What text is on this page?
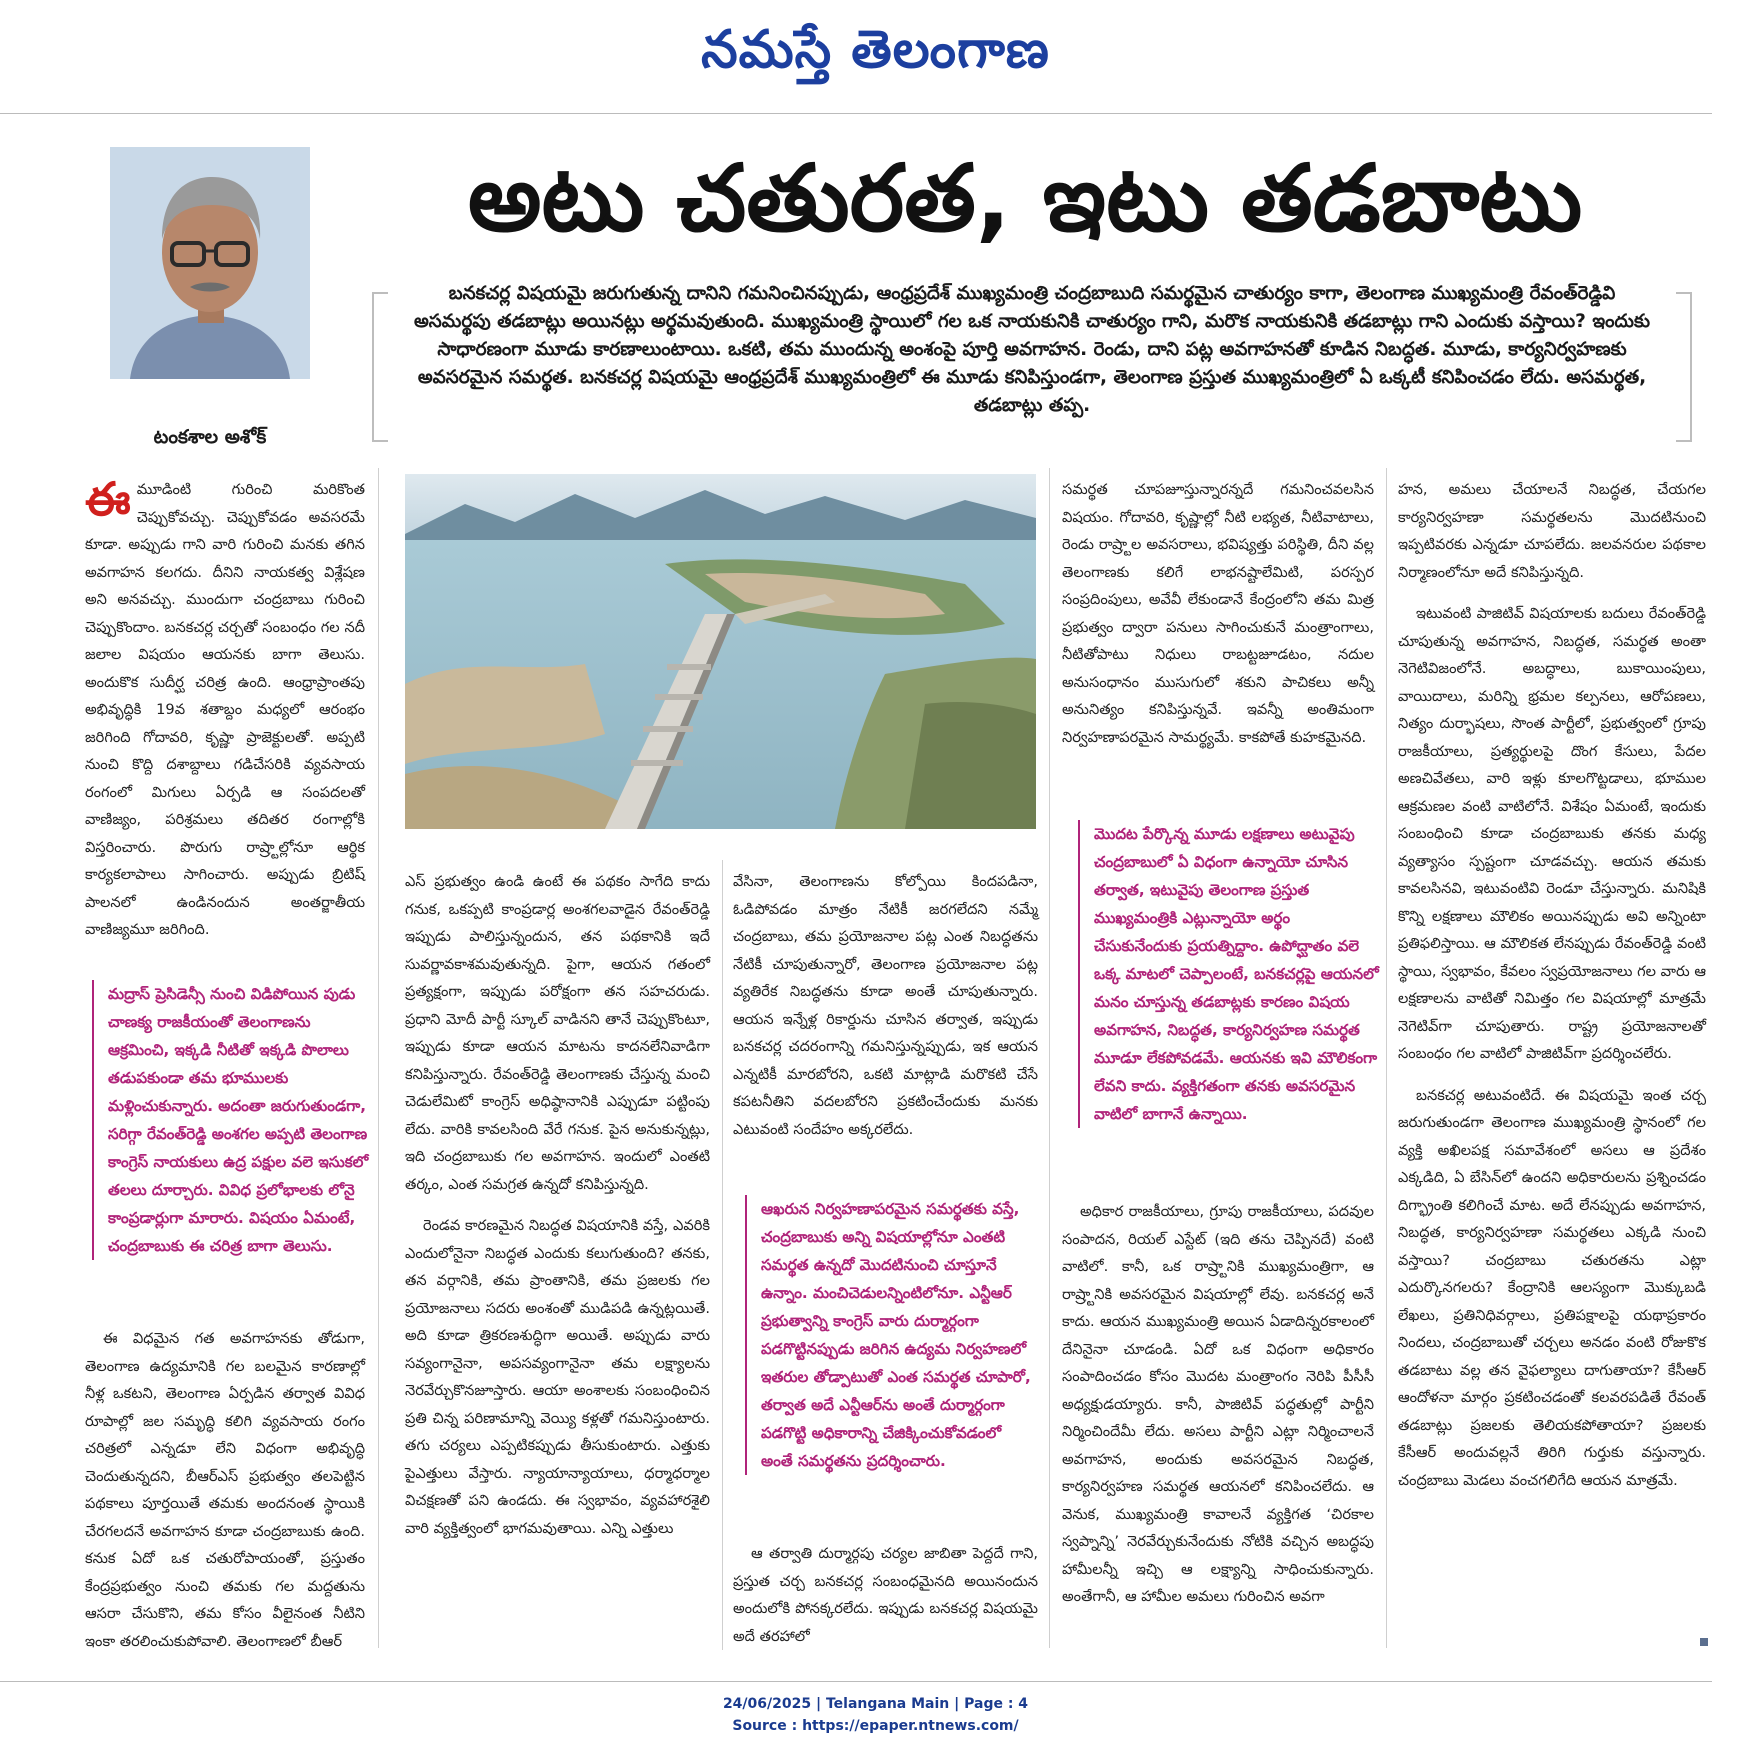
నమస్తే తెలంగాణ
టంకశాల అశోక్
అటు చతురత, ఇటు తడబాటు
బనకచర్ల విషయమై జరుగుతున్న దానిని గమనించినప్పుడు, ఆంధ్రప్రదేశ్ ముఖ్యమంత్రి చంద్రబాబుది సమర్థమైన చాతుర్యం కాగా, తెలంగాణ ముఖ్యమంత్రి రేవంత్‌రెడ్డివి అసమర్థపు తడబాట్లు అయినట్లు అర్థమవుతుంది. ముఖ్యమంత్రి స్థాయిలో గల ఒక నాయకునికి చాతుర్యం గాని, మరొక నాయకునికి తడబాట్లు గాని ఎందుకు వస్తాయి? ఇందుకు సాధారణంగా మూడు కారణాలుంటాయి. ఒకటి, తమ ముందున్న అంశంపై పూర్తి అవగాహన. రెండు, దాని పట్ల అవగాహనతో కూడిన నిబద్ధత. మూడు, కార్యనిర్వహణకు అవసరమైన సమర్థత. బనకచర్ల విషయమై ఆంధ్రప్రదేశ్ ముఖ్యమంత్రిలో ఈ మూడు కనిపిస్తుండగా, తెలంగాణ ప్రస్తుత ముఖ్యమంత్రిలో ఏ ఒక్కటీ కనిపించడం లేదు. అసమర్థత, తడబాట్లు తప్ప.

ఈమూడింటి గురించి మరికొంత చెప్పుకోవచ్చు. చెప్పుకోవడం అవసరమే కూడా. అప్పుడు గాని వారి గురించి మనకు తగిన అవగాహన కలగదు. దీనిని నాయకత్వ విశ్లేషణ అని అనవచ్చు. ముందుగా చంద్రబాబు గురించి చెప్పుకొందాం. బనకచర్ల చర్చతో సంబంధం గల నదీ జలాల విషయం ఆయనకు బాగా తెలుసు. అందుకొక సుదీర్ఘ చరిత్ర ఉంది. ఆంధ్రాప్రాంతపు అభివృద్ధికి 19వ శతాబ్దం మధ్యలో ఆరంభం జరిగింది గోదావరి, కృష్ణా ప్రాజెక్టులతో. అప్పటి నుంచి కొద్ది దశాబ్దాలు గడిచేసరికి వ్యవసాయ రంగంలో మిగులు ఏర్పడి ఆ సంపదలతో వాణిజ్యం, పరిశ్రమలు తదితర రంగాల్లోకి విస్తరించారు. పొరుగు రాష్ర్టాల్లోనూ ఆర్థిక కార్యకలాపాలు సాగించారు. అప్పుడు బ్రిటిష్ పాలనలో ఉండినందున అంతర్జాతీయ వాణిజ్యమూ జరిగింది.

మద్రాస్ ప్రెసిడెన్సీ నుంచి విడిపోయిన పుడు చాణక్య రాజకీయంతో తెలంగాణను ఆక్రమించి, ఇక్కడి నీటితో ఇక్కడి పొలాలు తడుపకుండా తమ భూములకు మళ్లించుకున్నారు. అదంతా జరుగుతుండగా, సరిగ్గా రేవంత్‌రెడ్డి అంశగల అప్పటి తెలంగాణ కాంగ్రెస్ నాయకులు ఉద్ర పక్షుల వలె ఇసుకలో తలలు దూర్చారు. వివిధ ప్రలోభాలకు లోనై కాంప్రడార్లుగా మారారు. విషయం ఏమంటే, చంద్రబాబుకు ఈ చరిత్ర బాగా తెలుసు.

ఈ విధమైన గత అవగాహనకు తోడుగా, తెలంగాణ ఉద్యమానికి గల బలమైన కారణాల్లో నీళ్ల ఒకటని, తెలంగాణ ఏర్పడిన తర్వాత వివిధ రూపాల్లో జల సమృద్ధి కలిగి వ్యవసాయ రంగం చరిత్రలో ఎన్నడూ లేని విధంగా అభివృద్ధి చెందుతున్నదని, బీఆర్‌ఎస్ ప్రభుత్వం తలపెట్టిన పథకాలు పూర్తయితే తమకు అందనంత స్థాయికి చేరగలదనే అవగాహన కూడా చంద్రబాబుకు ఉంది. కనుక ఏదో ఒక చతురోపాయంతో, ప్రస్తుతం కేంద్రప్రభుత్వం నుంచి తమకు గల మద్దతును ఆసరా చేసుకొని, తమ కోసం వీలైనంత నీటిని ఇంకా తరలించుకుపోవాలి. తెలంగాణలో బీఆర్

ఎస్ ప్రభుత్వం ఉండి ఉంటే ఈ పథకం సాగేది కాదు గనుక, ఒకప్పటి కాంప్రడార్ల అంశగలవాడైన రేవంత్‌రెడ్డి ఇప్పుడు పాలిస్తున్నందున, తన పథకానికి ఇదే సువర్ణావకాశమవుతున్నది. పైగా, ఆయన గతంలో ప్రత్యక్షంగా, ఇప్పుడు పరోక్షంగా తన సహచరుడు. ప్రధాని మోదీ పార్టీ స్కూల్ వాడినని తానే చెప్పుకొంటూ, ఇప్పుడు కూడా ఆయన మాటను కాదనలేనివాడిగా కనిపిస్తున్నారు. రేవంత్‌రెడ్డి తెలంగాణకు చేస్తున్న మంచి చెడులేమిటో కాంగ్రెస్ అధిష్ఠానానికి ఎప్పుడూ పట్టింపు లేదు. వారికి కావలసింది వేరే గనుక. పైన అనుకున్నట్లు, ఇది చంద్రబాబుకు గల అవగాహన. ఇందులో ఎంతటి తర్కం, ఎంత సమగ్రత ఉన్నదో కనిపిస్తున్నది.

రెండవ కారణమైన నిబద్ధత విషయానికి వస్తే, ఎవరికి ఎందులోనైనా నిబద్ధత ఎందుకు కలుగుతుంది? తనకు, తన వర్గానికి, తమ ప్రాంతానికి, తమ ప్రజలకు గల ప్రయోజనాలు సదరు అంశంతో ముడిపడి ఉన్నట్లయితే. అది కూడా త్రికరణశుద్ధిగా అయితే. అప్పుడు వారు సవ్యంగానైనా, అపసవ్యంగానైనా తమ లక్ష్యాలను నెరవేర్చుకొనజూస్తారు. ఆయా అంశాలకు సంబంధించిన ప్రతి చిన్న పరిణామాన్ని వెయ్యి కళ్లతో గమనిస్తుంటారు. తగు చర్యలు ఎప్పటికప్పుడు తీసుకుంటారు. ఎత్తుకు పైఎత్తులు వేస్తారు. న్యాయాన్యాయాలు, ధర్మాధర్మాల విచక్షణతో పని ఉండదు. ఈ స్వభావం, వ్యవహారశైలి వారి వ్యక్తిత్వంలో భాగమవుతాయి. ఎన్ని ఎత్తులు

వేసినా, తెలంగాణను కోల్పోయి కిందపడినా, ఓడిపోవడం మాత్రం నేటికీ జరగలేదని నమ్మే చంద్రబాబు, తమ ప్రయోజనాల పట్ల ఎంత నిబద్ధతను నేటికీ చూపుతున్నారో, తెలంగాణ ప్రయోజనాల పట్ల వ్యతిరేక నిబద్ధతను కూడా అంతే చూపుతున్నారు. ఆయన ఇన్నేళ్ల రికార్డును చూసిన తర్వాత, ఇప్పుడు బనకచర్ల చదరంగాన్ని గమనిస్తున్నప్పుడు, ఇక ఆయన ఎన్నటికీ మారబోరని, ఒకటి మాట్లాడి మరొకటి చేసే కపటనీతిని వదలబోరని ప్రకటించేందుకు మనకు ఎటువంటి సందేహం అక్కరలేదు.

ఆఖరున నిర్వహణాపరమైన సమర్థతకు వస్తే, చంద్రబాబుకు అన్ని విషయాల్లోనూ ఎంతటి సమర్థత ఉన్నదో మొదటినుంచి చూస్తూనే ఉన్నాం. మంచిచెడులన్నింటిలోనూ. ఎన్టీఆర్ ప్రభుత్వాన్ని కాంగ్రెస్ వారు దుర్మార్గంగా పడగొట్టినప్పుడు జరిగిన ఉద్యమ నిర్వహణలో ఇతరుల తోడ్పాటుతో ఎంత సమర్థత చూపారో, తర్వాత అదే ఎన్టీఆర్‌ను అంతే దుర్మార్గంగా పడగొట్టి అధికారాన్ని చేజిక్కించుకోవడంలో అంతే సమర్థతను ప్రదర్శించారు.

ఆ తర్వాతి దుర్మార్గపు చర్యల జాబితా పెద్దదే గాని, ప్రస్తుత చర్చ బనకచర్ల సంబంధమైనది అయినందున అందులోకి పోనక్కరలేదు. ఇప్పుడు బనకచర్ల విషయమై అదే తరహాలో

సమర్థత చూపజూస్తున్నారన్నదే గమనించవలసిన విషయం. గోదావరి, కృష్ణాల్లో నీటి లభ్యత, నీటివాటాలు, రెండు రాష్ర్టాల అవసరాలు, భవిష్యత్తు పరిస్థితి, దీని వల్ల తెలంగాణకు కలిగే లాభనష్టాలేమిటి, పరస్పర సంప్రదింపులు, అవేవీ లేకుండానే కేంద్రంలోని తమ మిత్ర ప్రభుత్వం ద్వారా పనులు సాగించుకునే మంత్రాంగాలు, నీటితోపాటు నిధులు రాబట్టజూడటం, నదుల అనుసంధానం ముసుగులో శకుని పాచికలు అన్నీ అనునిత్యం కనిపిస్తున్నవే. ఇవన్నీ అంతిమంగా నిర్వహణాపరమైన సామర్థ్యమే. కాకపోతే కుహకమైనది.

మొదట పేర్కొన్న మూడు లక్షణాలు అటువైపు చంద్రబాబులో ఏ విధంగా ఉన్నాయో చూసిన తర్వాత, ఇటువైపు తెలంగాణ ప్రస్తుత ముఖ్యమంత్రికి ఎట్లున్నాయో అర్థం చేసుకునేందుకు ప్రయత్నిద్దాం. ఉపోద్ఘాతం వలె ఒక్క మాటలో చెప్పాలంటే, బనకచర్లపై ఆయనలో మనం చూస్తున్న తడబాట్లకు కారణం విషయ అవగాహన, నిబద్ధత, కార్యనిర్వహణ సమర్థత మూడూ లేకపోవడమే. ఆయనకు ఇవి మౌలికంగా లేవని కాదు. వ్యక్తిగతంగా తనకు అవసరమైన వాటిలో బాగానే ఉన్నాయి.

అధికార రాజకీయాలు, గ్రూపు రాజకీయాలు, పదవుల సంపాదన, రియల్ ఎస్టేట్ (ఇది తను చెప్పినదే) వంటి వాటిలో. కానీ, ఒక రాష్ర్టానికి ముఖ్యమంత్రిగా, ఆ రాష్ర్టానికి అవసరమైన విషయాల్లో లేవు. బనకచర్ల అనే కాదు. ఆయన ముఖ్యమంత్రి అయిన ఏడాదిన్నరకాలంలో దేనినైనా చూడండి. ఏదో ఒక విధంగా అధికారం సంపాదించడం కోసం మొదట మంత్రాంగం నెరిపి పీసీసీ అధ్యక్షుడయ్యారు. కానీ, పాజిటివ్ పద్ధతుల్లో పార్టీని నిర్మించిందేమీ లేదు. అసలు పార్టీని ఎట్లా నిర్మించాలనే అవగాహన, అందుకు అవసరమైన నిబద్ధత, కార్యనిర్వహణ సమర్థత ఆయనలో కనిపించలేదు. ఆ వెనుక, ముఖ్యమంత్రి కావాలనే వ్యక్తిగత ‘చిరకాల స్వప్నాన్ని’ నెరవేర్చుకునేందుకు నోటికి వచ్చిన అబద్ధపు హామీలన్నీ ఇచ్చి ఆ లక్ష్యాన్ని సాధించుకున్నారు. అంతేగానీ, ఆ హామీల అమలు గురించిన అవగా

హన, అమలు చేయాలనే నిబద్ధత, చేయగల కార్యనిర్వహణా సమర్థతలను మొదటినుంచి ఇప్పటివరకు ఎన్నడూ చూపలేదు. జలవనరుల పథకాల నిర్మాణంలోనూ అదే కనిపిస్తున్నది.

ఇటువంటి పాజిటివ్ విషయాలకు బదులు రేవంత్‌రెడ్డి చూపుతున్న అవగాహన, నిబద్ధత, సమర్థత అంతా నెగెటివిజంలోనే. అబద్ధాలు, బుకాయింపులు, వాయిదాలు, మరిన్ని భ్రమల కల్పనలు, ఆరోపణలు, నిత్యం దుర్భాషలు, సొంత పార్టీలో, ప్రభుత్వంలో గ్రూపు రాజకీయాలు, ప్రత్యర్థులపై దొంగ కేసులు, పేదల అణచివేతలు, వారి ఇళ్లు కూలగొట్టడాలు, భూముల ఆక్రమణల వంటి వాటిలోనే. విశేషం ఏమంటే, ఇందుకు సంబంధించి కూడా చంద్రబాబుకు తనకు మధ్య వ్యత్యాసం స్పష్టంగా చూడవచ్చు. ఆయన తమకు కావలసినవి, ఇటువంటివి రెండూ చేస్తున్నారు. మనిషికి కొన్ని లక్షణాలు మౌలికం అయినప్పుడు అవి అన్నింటా ప్రతిఫలిస్తాయి. ఆ మౌలికత లేనప్పుడు రేవంత్‌రెడ్డి వంటి స్థాయి, స్వభావం, కేవలం స్వప్రయోజనాలు గల వారు ఆ లక్షణాలను వాటితో నిమిత్తం గల విషయాల్లో మాత్రమే నెగెటివ్‌గా చూపుతారు. రాష్ట్ర ప్రయోజనాలతో సంబంధం గల వాటిలో పాజిటివ్‌గా ప్రదర్శించలేరు.

బనకచర్ల అటువంటిదే. ఈ విషయమై ఇంత చర్చ జరుగుతుండగా తెలంగాణ ముఖ్యమంత్రి స్థానంలో గల వ్యక్తి అఖిలపక్ష సమావేశంలో అసలు ఆ ప్రదేశం ఎక్కడిది, ఏ బేసిన్‌లో ఉందని అధికారులను ప్రశ్నించడం దిగ్భ్రాంతి కలిగించే మాట. అదే లేనప్పుడు అవగాహన, నిబద్ధత, కార్యనిర్వహణా సమర్థతలు ఎక్కడి నుంచి వస్తాయి? చంద్రబాబు చతురతను ఎట్లా ఎదుర్కొనగలరు? కేంద్రానికి ఆలస్యంగా మొక్కుబడి లేఖలు, ప్రతినిధివర్గాలు, ప్రతిపక్షాలపై యథాప్రకారం నిందలు, చంద్రబాబుతో చర్చలు అనడం వంటి రోజుకొక తడబాటు వల్ల తన వైఫల్యాలు దాగుతాయా? కేసీఆర్ ఆందోళనా మార్గం ప్రకటించడంతో కలవరపడితే రేవంత్ తడబాట్లు ప్రజలకు తెలియకపోతాయా? ప్రజలకు కేసీఆర్ అందువల్లనే తిరిగి గుర్తుకు వస్తున్నారు. చంద్రబాబు మెడలు వంచగలిగేది ఆయన మాత్రమే.

24/06/2025 | Telangana Main | Page : 4
Source : https://epaper.ntnews.com/
